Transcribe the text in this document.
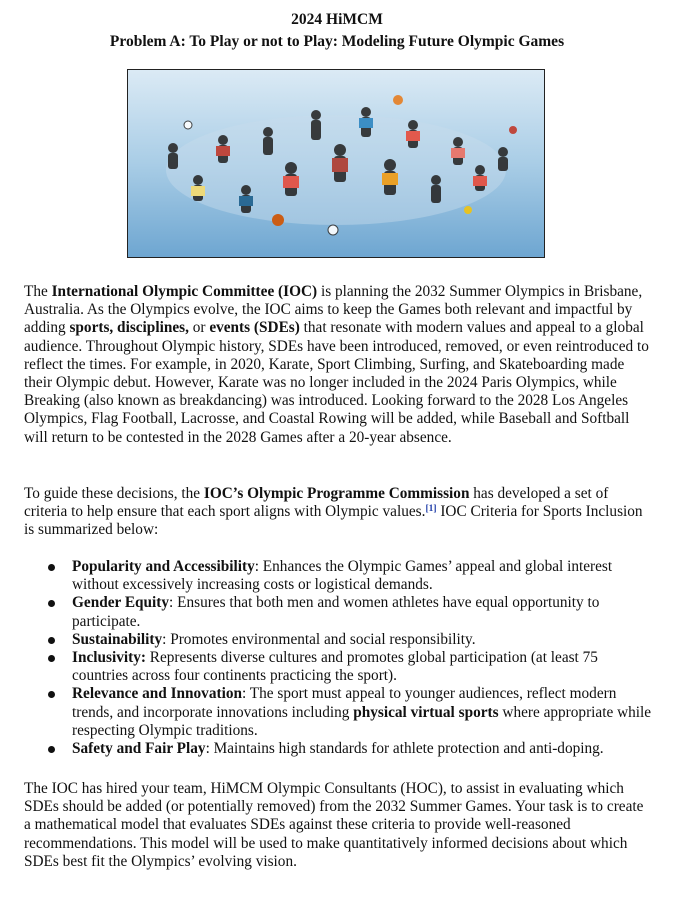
2024 HiMCM
Problem A: To Play or not to Play: Modeling Future Olympic Games

The International Olympic Committee (IOC) is planning the 2032 Summer Olympics in Brisbane, Australia. As the Olympics evolve, the IOC aims to keep the Games both relevant and impactful by adding sports, disciplines, or events (SDEs) that resonate with modern values and appeal to a global audience. Throughout Olympic history, SDEs have been introduced, removed, or even reintroduced to reflect the times. For example, in 2020, Karate, Sport Climbing, Surfing, and Skateboarding made their Olympic debut. However, Karate was no longer included in the 2024 Paris Olympics, while Breaking (also known as breakdancing) was introduced. Looking forward to the 2028 Los Angeles Olympics, Flag Football, Lacrosse, and Coastal Rowing will be added, while Baseball and Softball will return to be contested in the 2028 Games after a 20-year absence.

To guide these decisions, the IOC’s Olympic Programme Commission has developed a set of criteria to help ensure that each sport aligns with Olympic values.[1] IOC Criteria for Sports Inclusion is summarized below:

Popularity and Accessibility: Enhances the Olympic Games’ appeal and global interest without excessively increasing costs or logistical demands.
Gender Equity: Ensures that both men and women athletes have equal opportunity to participate.
Sustainability: Promotes environmental and social responsibility.
Inclusivity: Represents diverse cultures and promotes global participation (at least 75 countries across four continents practicing the sport).
Relevance and Innovation: The sport must appeal to younger audiences, reflect modern trends, and incorporate innovations including physical virtual sports where appropriate while respecting Olympic traditions.
Safety and Fair Play: Maintains high standards for athlete protection and anti-doping.

The IOC has hired your team, HiMCM Olympic Consultants (HOC), to assist in evaluating which SDEs should be added (or potentially removed) from the 2032 Summer Games. Your task is to create a mathematical model that evaluates SDEs against these criteria to provide well-reasoned recommendations. This model will be used to make quantitatively informed decisions about which SDEs best fit the Olympics’ evolving vision.
